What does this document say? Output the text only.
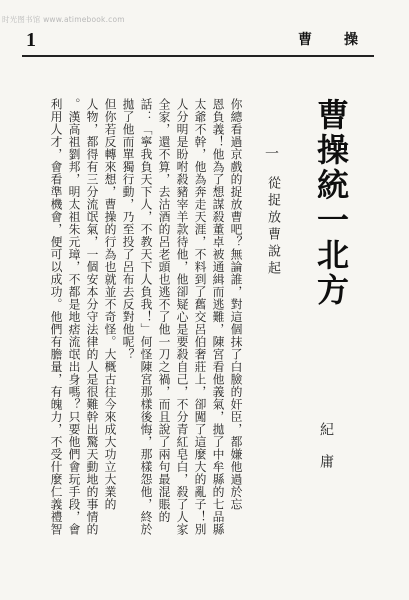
时光图书馆 www.atimebook.com
1	曹 操
曹操統一北方
紀庸
一
從捉放曹說起
你總看過京戲的捉放曹吧？無論誰，對這個抹了白臉的奸臣，都嫌他過於忘
恩負義！他為了想謀殺董卓被通緝而逃難，陳宮看他義氣，拋了中牟縣的七品縣
太爺不幹，他為奔走天涯，不料到了舊交呂伯奢莊上，卻闖了這麼大的亂子！別
人分明是盼咐殺豬宰羊款待他，他卻疑心是要殺自己，不分青紅皂白，殺了人家
全家，還不算，去沽酒的呂老頭也逃不了他一刀之禍，而且說了兩句最混賬的
話：「寧我負天下人，不教天下人負我！」何怪陳宮那樣後悔，那樣怨他，終於
拋了他而單獨行動，乃至投了呂布去反對他呢？
但你若反轉來想，曹操的行為也就並不奇怪。大概古往今來成大功立大業的
人物，都得有三分流氓氣，一個安本分守法律的人是很難幹出驚天動地的事情的
。漢高祖劉邦，明太祖朱元璋，不都是地痞流氓出身嗎？只要他們會玩手段，會
利用人才，會看準機會，便可以成功。他們有膽量，有魄力，不受什麼仁義禮智
